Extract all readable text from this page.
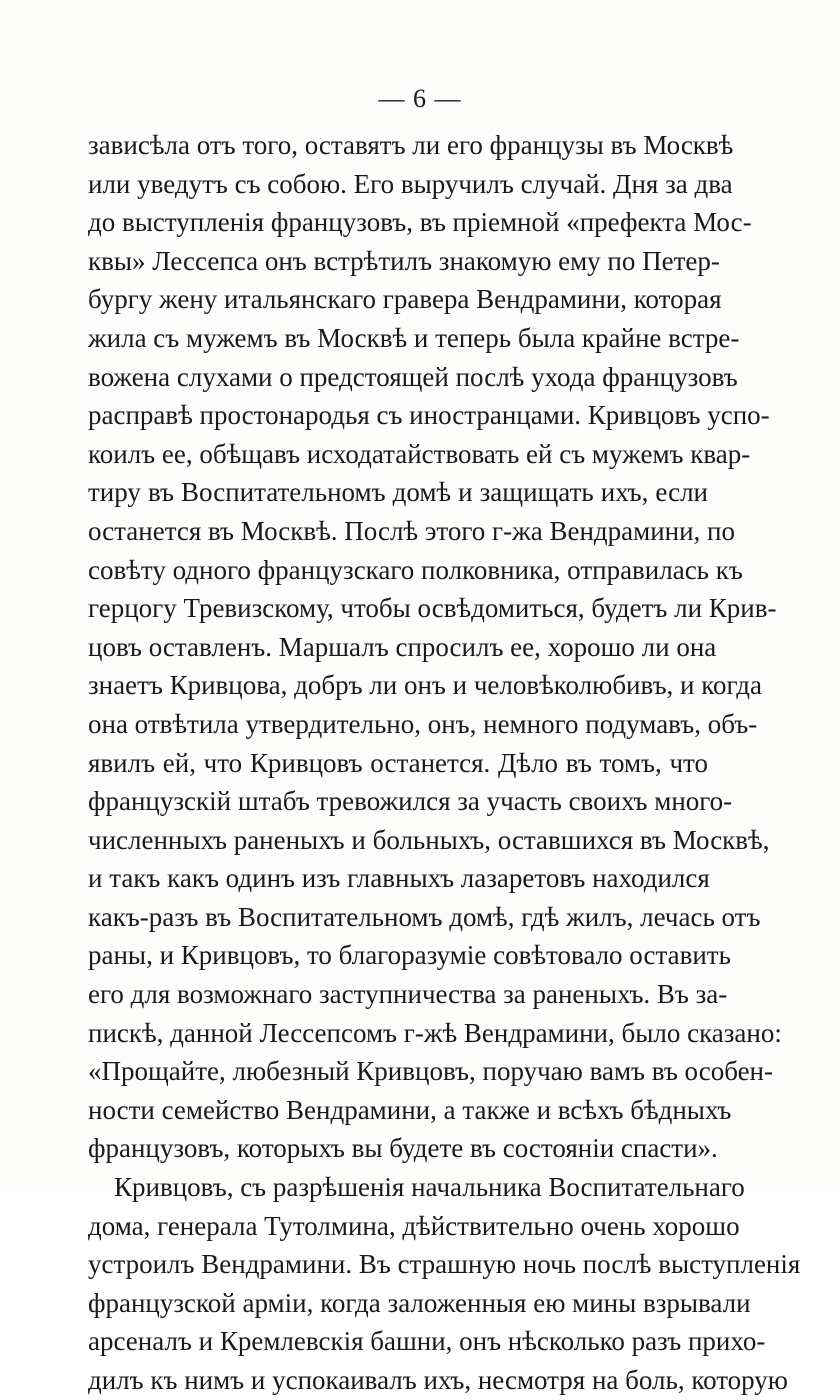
— 6 —
зависѣла отъ того, оставятъ ли его французы въ Москвѣ
или уведутъ съ собою. Его выручилъ случай. Дня за два
до выступленія французовъ, въ пріемной «префекта Мос-
квы» Лессепса онъ встрѣтилъ знакомую ему по Петер-
бургу жену итальянскаго гравера Вендрамини, которая
жила съ мужемъ въ Москвѣ и теперь была крайне встре-
вожена слухами о предстоящей послѣ ухода французовъ
расправѣ простонародья съ иностранцами. Кривцовъ успо-
коилъ ее, обѣщавъ исходатайствовать ей съ мужемъ квар-
тиру въ Воспитательномъ домѣ и защищать ихъ, если
останется въ Москвѣ. Послѣ этого г-жа Вендрамини, по
совѣту одного французскаго полковника, отправилась къ
герцогу Тревизскому, чтобы освѣдомиться, будетъ ли Крив-
цовъ оставленъ. Маршалъ спросилъ ее, хорошо ли она
знаетъ Кривцова, добръ ли онъ и человѣколюбивъ, и когда
она отвѣтила утвердительно, онъ, немного подумавъ, объ-
явилъ ей, что Кривцовъ останется. Дѣло въ томъ, что
французскій штабъ тревожился за участь своихъ много-
численныхъ раненыхъ и больныхъ, оставшихся въ Москвѣ,
и такъ какъ одинъ изъ главныхъ лазаретовъ находился
какъ-разъ въ Воспитательномъ домѣ, гдѣ жилъ, лечась отъ
раны, и Кривцовъ, то благоразуміе совѣтовало оставить
его для возможнаго заступничества за раненыхъ. Въ за-
пискѣ, данной Лессепсомъ г-жѣ Вендрамини, было сказано:
«Прощайте, любезный Кривцовъ, поручаю вамъ въ особен-
ности семейство Вендрамини, а также и всѣхъ бѣдныхъ
французовъ, которыхъ вы будете въ состояніи спасти».
Кривцовъ, съ разрѣшенія начальника Воспитательнаго
дома, генерала Тутолмина, дѣйствительно очень хорошо
устроилъ Вендрамини. Въ страшную ночь послѣ выступленія
французской арміи, когда заложенныя ею мины взрывали
арсеналъ и Кремлевскія башни, онъ нѣсколько разъ прихо-
дилъ къ нимъ и успокаивалъ ихъ, несмотря на боль, которую
